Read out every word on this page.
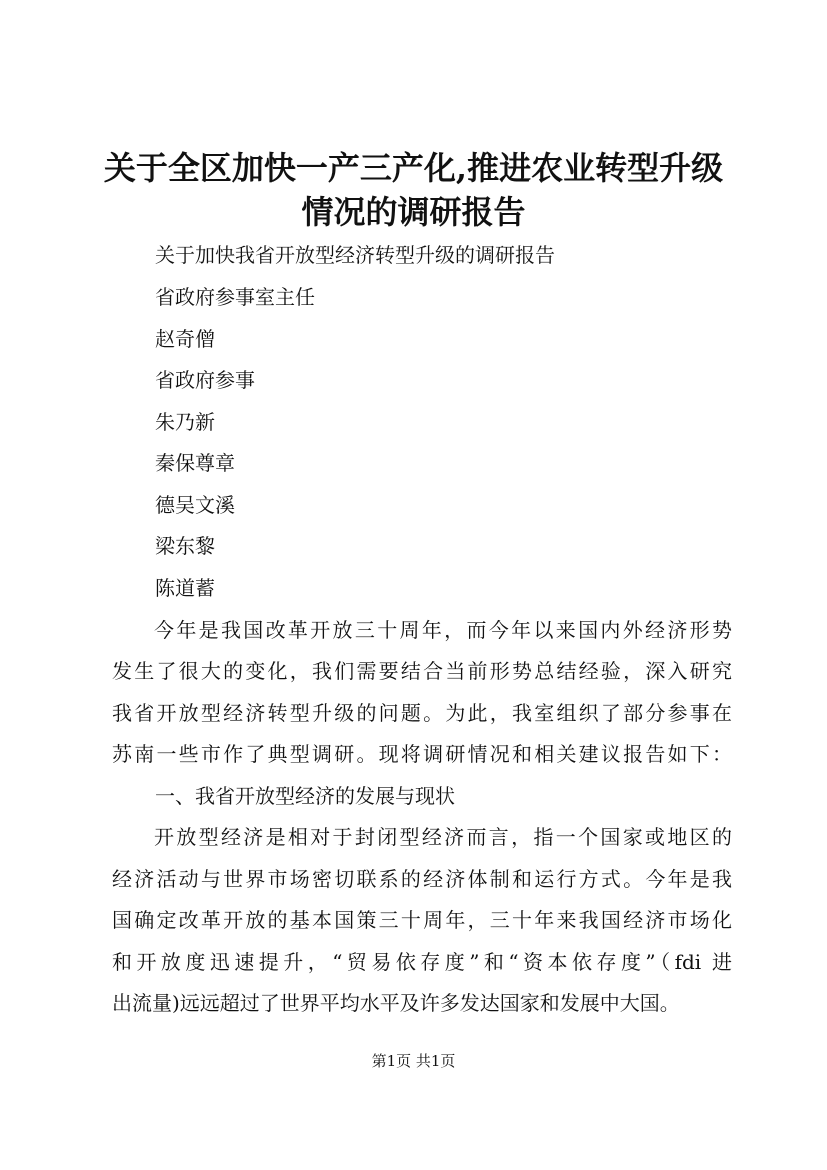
关于全区加快一产三产化,推进农业转型升级
情况的调研报告
关于加快我省开放型经济转型升级的调研报告
省政府参事室主任
赵奇僧
省政府参事
朱乃新
秦保尊章
德吴文溪
梁东黎
陈道蓄
今年是我国改革开放三十周年，而今年以来国内外经济形势
发生了很大的变化，我们需要结合当前形势总结经验，深入研究
我省开放型经济转型升级的问题。为此，我室组织了部分参事在
苏南一些市作了典型调研。现将调研情况和相关建议报告如下：
一、我省开放型经济的发展与现状
开放型经济是相对于封闭型经济而言，指一个国家或地区的
经济活动与世界市场密切联系的经济体制和运行方式。今年是我
国确定改革开放的基本国策三十周年，三十年来我国经济市场化
和开放度迅速提升，“贸易依存度”和“资本依存度”（fdi 进
出流量)远远超过了世界平均水平及许多发达国家和发展中大国。
第1页 共1页
